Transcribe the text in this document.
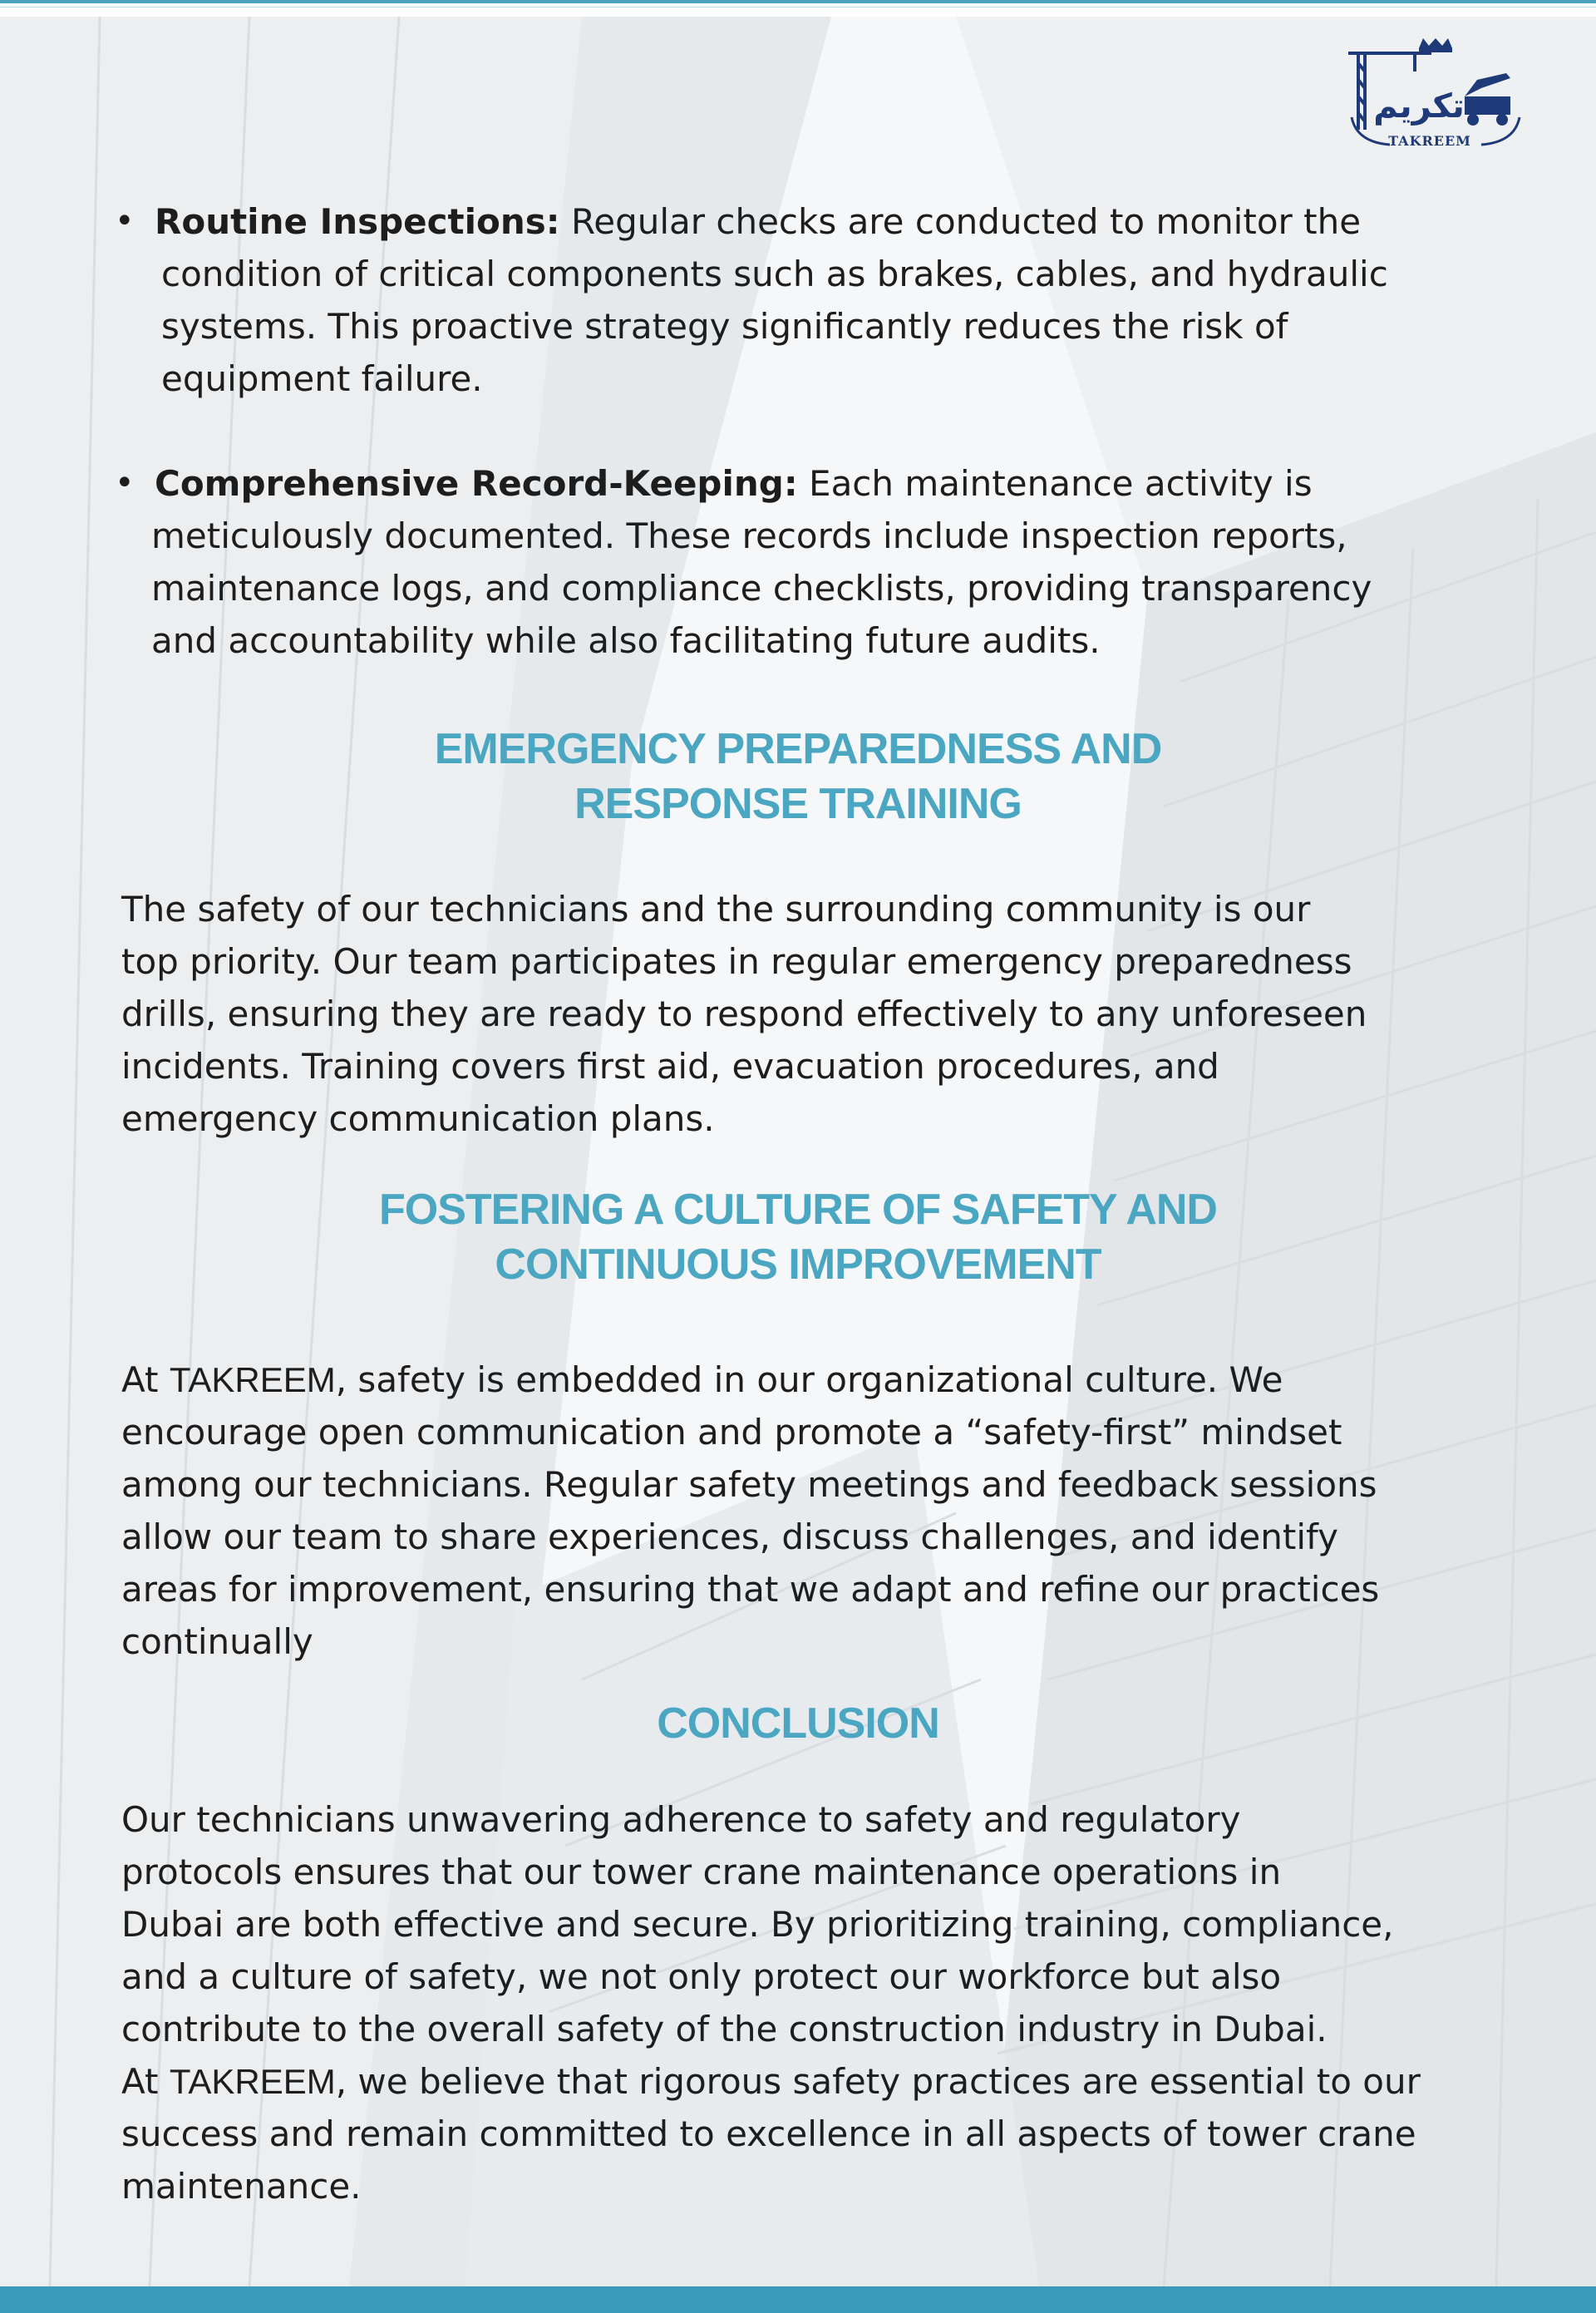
تكريم
TAKREEM
• Routine Inspections: Regular checks are conducted to monitor the
condition of critical components such as brakes, cables, and hydraulic
systems. This proactive strategy significantly reduces the risk of
equipment failure.
• Comprehensive Record-Keeping: Each maintenance activity is
meticulously documented. These records include inspection reports,
maintenance logs, and compliance checklists, providing transparency
and accountability while also facilitating future audits.
EMERGENCY PREPAREDNESS AND
RESPONSE TRAINING
The safety of our technicians and the surrounding community is our
top priority. Our team participates in regular emergency preparedness
drills, ensuring they are ready to respond effectively to any unforeseen
incidents. Training covers first aid, evacuation procedures, and
emergency communication plans.
FOSTERING A CULTURE OF SAFETY AND
CONTINUOUS IMPROVEMENT
At TAKREEM, safety is embedded in our organizational culture. We
encourage open communication and promote a “safety-first” mindset
among our technicians. Regular safety meetings and feedback sessions
allow our team to share experiences, discuss challenges, and identify
areas for improvement, ensuring that we adapt and refine our practices
continually
CONCLUSION
Our technicians unwavering adherence to safety and regulatory
protocols ensures that our tower crane maintenance operations in
Dubai are both effective and secure. By prioritizing training, compliance,
and a culture of safety, we not only protect our workforce but also
contribute to the overall safety of the construction industry in Dubai.
At TAKREEM, we believe that rigorous safety practices are essential to our
success and remain committed to excellence in all aspects of tower crane
maintenance.
